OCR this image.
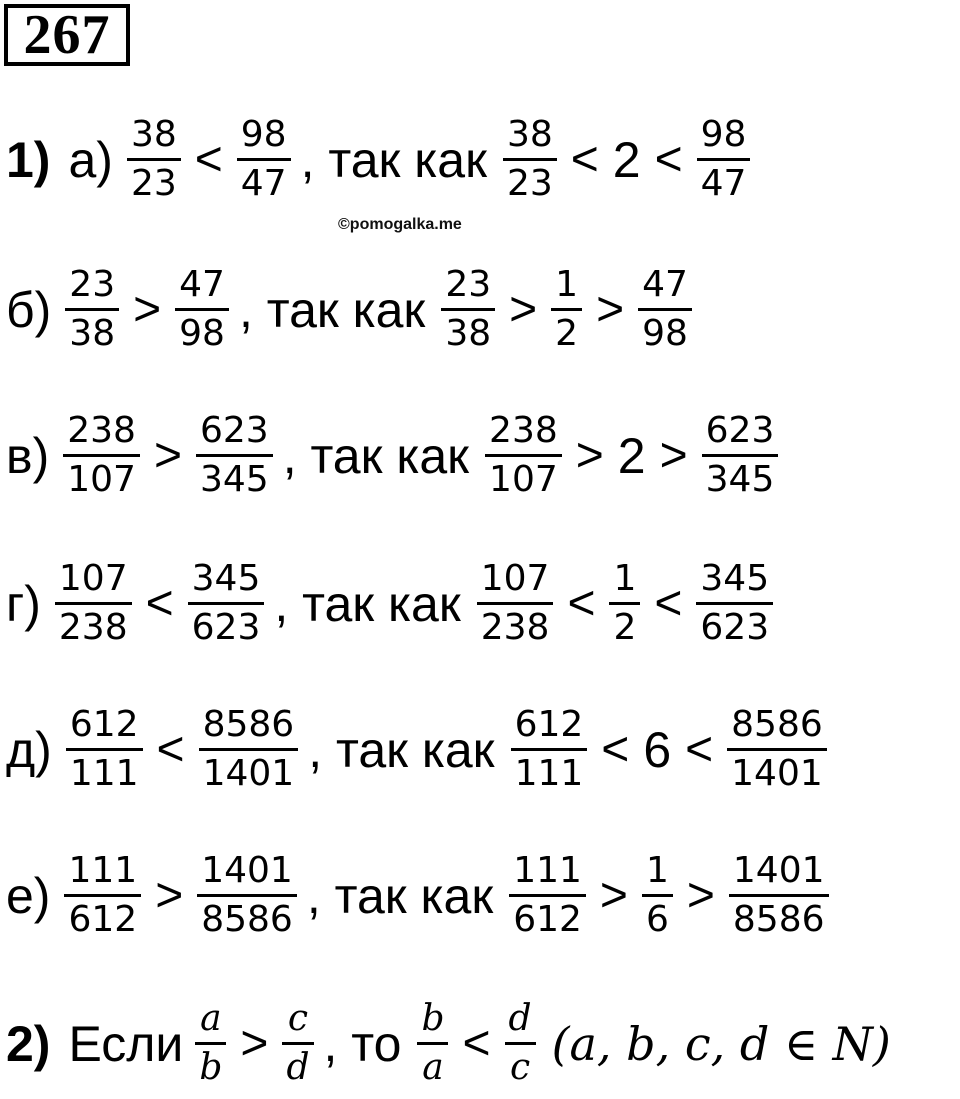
267
1) $а) \frac{38}{23} < \frac{98}{47}$ , так как $\frac{38}{23} < 2 < \frac{98}{47}$
©pomogalka.me
$б) \frac{23}{38} > \frac{47}{98}$ , так как $\frac{23}{38} > \frac{1}{2} > \frac{47}{98}$
$в) \frac{238}{107} > \frac{623}{345}$ , так как $\frac{238}{107} > 2 > \frac{623}{345}$
$г) \frac{107}{238} < \frac{345}{623}$ , так как $\frac{107}{238} < \frac{1}{2} < \frac{345}{623}$
$д) \frac{612}{111} < \frac{8586}{1401}$ , так как $\frac{612}{111} < 6 < \frac{8586}{1401}$
$е) \frac{111}{612} > \frac{1401}{8586}$ , так как $\frac{111}{612} > \frac{1}{6} > \frac{1401}{8586}$
2) Если $\frac{a}{b} > \frac{c}{d}$ , то $\frac{b}{a} < \frac{d}{c} (a$, b, c, d ∈ N)
